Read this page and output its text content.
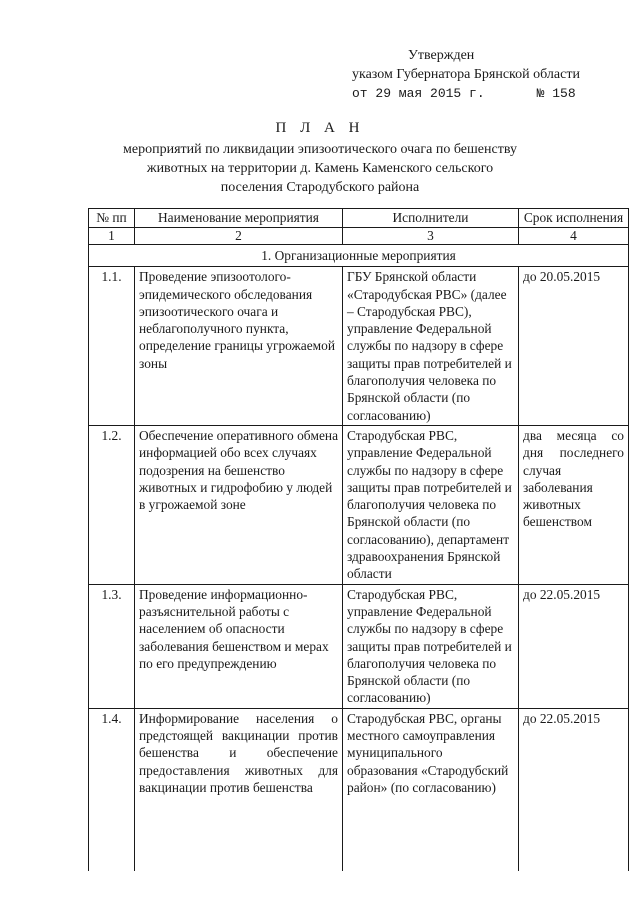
Утвержден
указом Губернатора Брянской области
от 29 мая 2015 г.	№ 158
П Л А Н
мероприятий по ликвидации эпизоотического очага по бешенству животных на территории д. Камень Каменского сельского поселения Стародубского района
№ пп	Наименование мероприятия	Исполнители	Срок исполнения
1	2	3	4
1. Организационные мероприятия			
1.1.	Проведение эпизоотолого-эпидемического обследования эпизоотического очага и неблагополучного пункта, определение границы угрожаемой зоны	ГБУ Брянской области «Стародубская РВС» (далее – Стародубская РВС), управление Федеральной службы по надзору в сфере защиты прав потребителей и благополучия человека по Брянской области (по согласованию)	до 20.05.2015
1.2.	Обеспечение оперативного обмена информацией обо всех случаях подозрения на бешенство животных и гидрофобию у людей в угрожаемой зоне	Стародубская РВС, управление Федеральной службы по надзору в сфере защиты прав потребителей и благополучия человека по Брянской области (по согласованию), департамент здравоохранения Брянской области	два месяца со дня последнего случая заболевания животных бешенством
1.3.	Проведение информационно-разъяснительной работы с населением об опасности заболевания бешенством и мерах по его предупреждению	Стародубская РВС, управление Федеральной службы по надзору в сфере защиты прав потребителей и благополучия человека по Брянской области (по согласованию)	до 22.05.2015
1.4.	Информирование населения о предстоящей вакцинации против бешенства и обеспечение предоставления животных для вакцинации против бешенства	Стародубская РВС, органы местного самоуправления муниципального образования «Стародубский район» (по согласованию)	до 22.05.2015
